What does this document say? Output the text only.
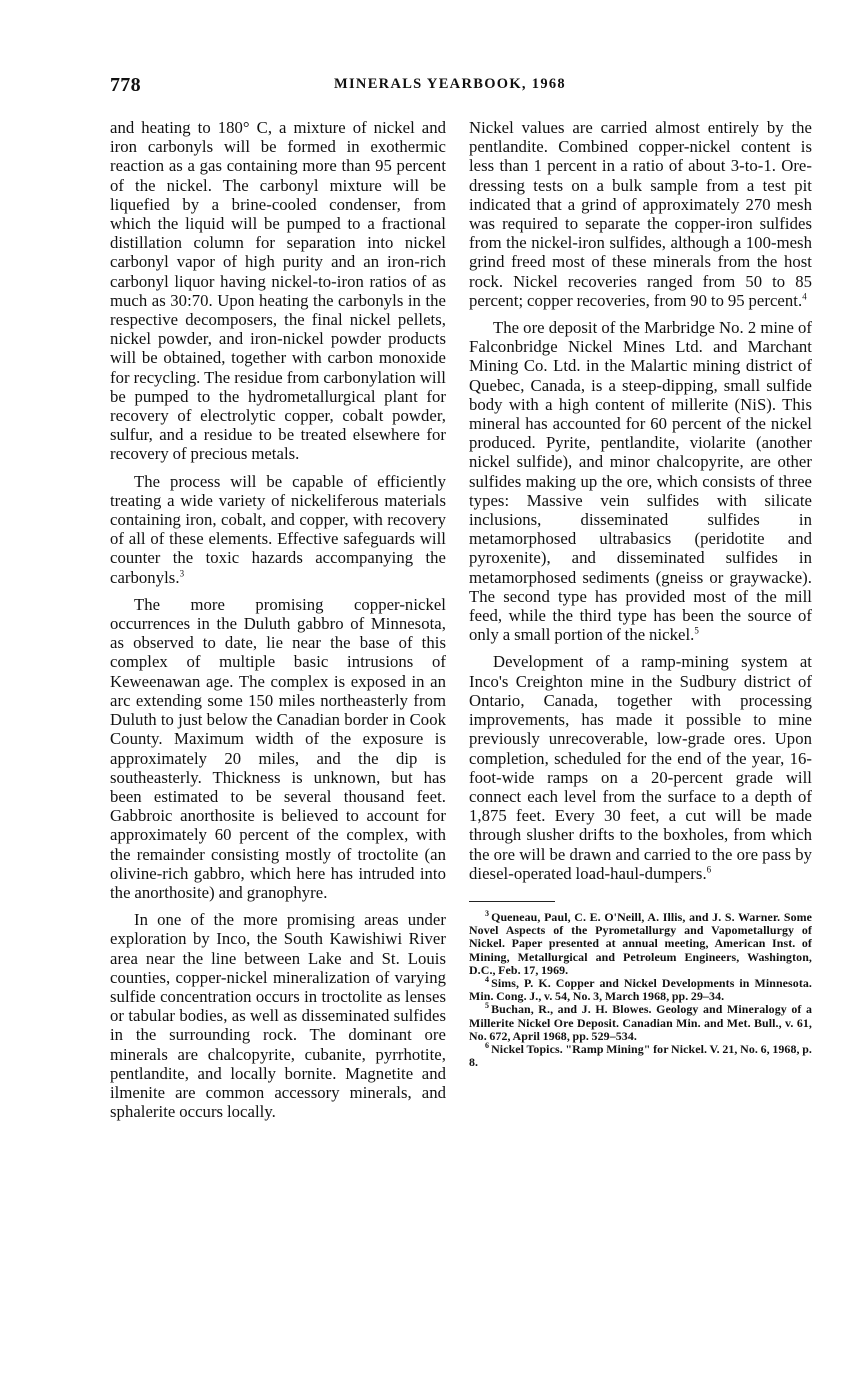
778	MINERALS YEARBOOK, 1968

and heating to 180° C, a mixture of nickel and iron carbonyls will be formed in exothermic reaction as a gas containing more than 95 percent of the nickel. The carbonyl mixture will be liquefied by a brine-cooled condenser, from which the liquid will be pumped to a fractional distillation column for separation into nickel carbonyl vapor of high purity and an iron-rich carbonyl liquor having nickel-to-iron ratios of as much as 30:70. Upon heating the carbonyls in the respective decomposers, the final nickel pellets, nickel powder, and iron-nickel powder products will be obtained, together with carbon monoxide for recycling. The residue from carbonylation will be pumped to the hydrometallurgical plant for recovery of electrolytic copper, cobalt powder, sulfur, and a residue to be treated elsewhere for recovery of precious metals.

The process will be capable of efficiently treating a wide variety of nickeliferous materials containing iron, cobalt, and copper, with recovery of all of these elements. Effective safeguards will counter the toxic hazards accompanying the carbonyls.$^3$

The more promising copper-nickel occurrences in the Duluth gabbro of Minnesota, as observed to date, lie near the base of this complex of multiple basic intrusions of Keweenawan age. The complex is exposed in an arc extending some 150 miles northeasterly from Duluth to just below the Canadian border in Cook County. Maximum width of the exposure is approximately 20 miles, and the dip is southeasterly. Thickness is unknown, but has been estimated to be several thousand feet. Gabbroic anorthosite is believed to account for approximately 60 percent of the complex, with the remainder consisting mostly of troctolite (an olivine-rich gabbro, which here has intruded into the anorthosite) and granophyre.

In one of the more promising areas under exploration by Inco, the South Kawishiwi River area near the line between Lake and St. Louis counties, copper-nickel mineralization of varying sulfide concentration occurs in troctolite as lenses or tabular bodies, as well as disseminated sulfides in the surrounding rock. The dominant ore minerals are chalcopyrite, cubanite, pyrrhotite, pentlandite, and locally bornite. Magnetite and ilmenite are common accessory minerals, and sphalerite occurs locally.

Nickel values are carried almost entirely by the pentlandite. Combined copper-nickel content is less than 1 percent in a ratio of about 3-to-1. Ore-dressing tests on a bulk sample from a test pit indicated that a grind of approximately 270 mesh was required to separate the copper-iron sulfides from the nickel-iron sulfides, although a 100-mesh grind freed most of these minerals from the host rock. Nickel recoveries ranged from 50 to 85 percent; copper recoveries, from 90 to 95 percent.$^4$

The ore deposit of the Marbridge No. 2 mine of Falconbridge Nickel Mines Ltd. and Marchant Mining Co. Ltd. in the Malartic mining district of Quebec, Canada, is a steep-dipping, small sulfide body with a high content of millerite (NiS). This mineral has accounted for 60 percent of the nickel produced. Pyrite, pentlandite, violarite (another nickel sulfide), and minor chalcopyrite, are other sulfides making up the ore, which consists of three types: Massive vein sulfides with silicate inclusions, disseminated sulfides in metamorphosed ultrabasics (peridotite and pyroxenite), and disseminated sulfides in metamorphosed sediments (gneiss or graywacke). The second type has provided most of the mill feed, while the third type has been the source of only a small portion of the nickel.$^5$

Development of a ramp-mining system at Inco's Creighton mine in the Sudbury district of Ontario, Canada, together with processing improvements, has made it possible to mine previously unrecoverable, low-grade ores. Upon completion, scheduled for the end of the year, 16-foot-wide ramps on a 20-percent grade will connect each level from the surface to a depth of 1,875 feet. Every 30 feet, a cut will be made through slusher drifts to the boxholes, from which the ore will be drawn and carried to the ore pass by diesel-operated load-haul-dumpers.$^6$

$^3$ Queneau, Paul, C. E. O'Neill, A. Illis, and J. S. Warner. Some Novel Aspects of the Pyrometallurgy and Vapometallurgy of Nickel. Paper presented at annual meeting, American Inst. of Mining, Metallurgical and Petroleum Engineers, Washington, D.C., Feb. 17, 1969.

$^4$ Sims, P. K. Copper and Nickel Developments in Minnesota. Min. Cong. J., v. 54, No. 3, March 1968, pp. 29–34.

$^5$ Buchan, R., and J. H. Blowes. Geology and Mineralogy of a Millerite Nickel Ore Deposit. Canadian Min. and Met. Bull., v. 61, No. 672, April 1968, pp. 529–534.

$^6$ Nickel Topics. "Ramp Mining" for Nickel. V. 21, No. 6, 1968, p. 8.
